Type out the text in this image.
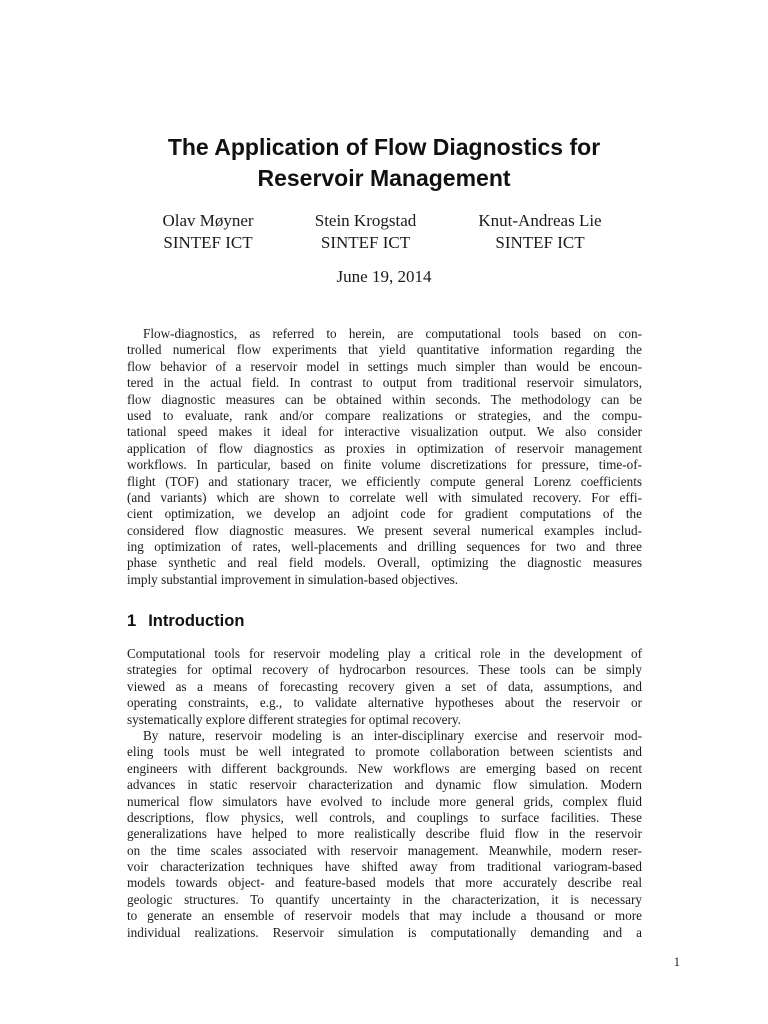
The Application of Flow Diagnostics for
Reservoir Management
Olav Møyner
SINTEF ICT
Stein Krogstad
SINTEF ICT
Knut-Andreas Lie
SINTEF ICT
June 19, 2014
Flow-diagnostics, as referred to herein, are computational tools based on con-
trolled numerical flow experiments that yield quantitative information regarding the
flow behavior of a reservoir model in settings much simpler than would be encoun-
tered in the actual field. In contrast to output from traditional reservoir simulators,
flow diagnostic measures can be obtained within seconds. The methodology can be
used to evaluate, rank and/or compare realizations or strategies, and the compu-
tational speed makes it ideal for interactive visualization output. We also consider
application of flow diagnostics as proxies in optimization of reservoir management
workflows. In particular, based on finite volume discretizations for pressure, time-of-
flight (TOF) and stationary tracer, we efficiently compute general Lorenz coefficients
(and variants) which are shown to correlate well with simulated recovery. For effi-
cient optimization, we develop an adjoint code for gradient computations of the
considered flow diagnostic measures. We present several numerical examples includ-
ing optimization of rates, well-placements and drilling sequences for two and three
phase synthetic and real field models. Overall, optimizing the diagnostic measures
imply substantial improvement in simulation-based objectives.
1 Introduction
Computational tools for reservoir modeling play a critical role in the development of
strategies for optimal recovery of hydrocarbon resources. These tools can be simply
viewed as a means of forecasting recovery given a set of data, assumptions, and
operating constraints, e.g., to validate alternative hypotheses about the reservoir or
systematically explore different strategies for optimal recovery.
By nature, reservoir modeling is an inter-disciplinary exercise and reservoir mod-
eling tools must be well integrated to promote collaboration between scientists and
engineers with different backgrounds. New workflows are emerging based on recent
advances in static reservoir characterization and dynamic flow simulation. Modern
numerical flow simulators have evolved to include more general grids, complex fluid
descriptions, flow physics, well controls, and couplings to surface facilities. These
generalizations have helped to more realistically describe fluid flow in the reservoir
on the time scales associated with reservoir management. Meanwhile, modern reser-
voir characterization techniques have shifted away from traditional variogram-based
models towards object- and feature-based models that more accurately describe real
geologic structures. To quantify uncertainty in the characterization, it is necessary
to generate an ensemble of reservoir models that may include a thousand or more
individual realizations. Reservoir simulation is computationally demanding and a
1
